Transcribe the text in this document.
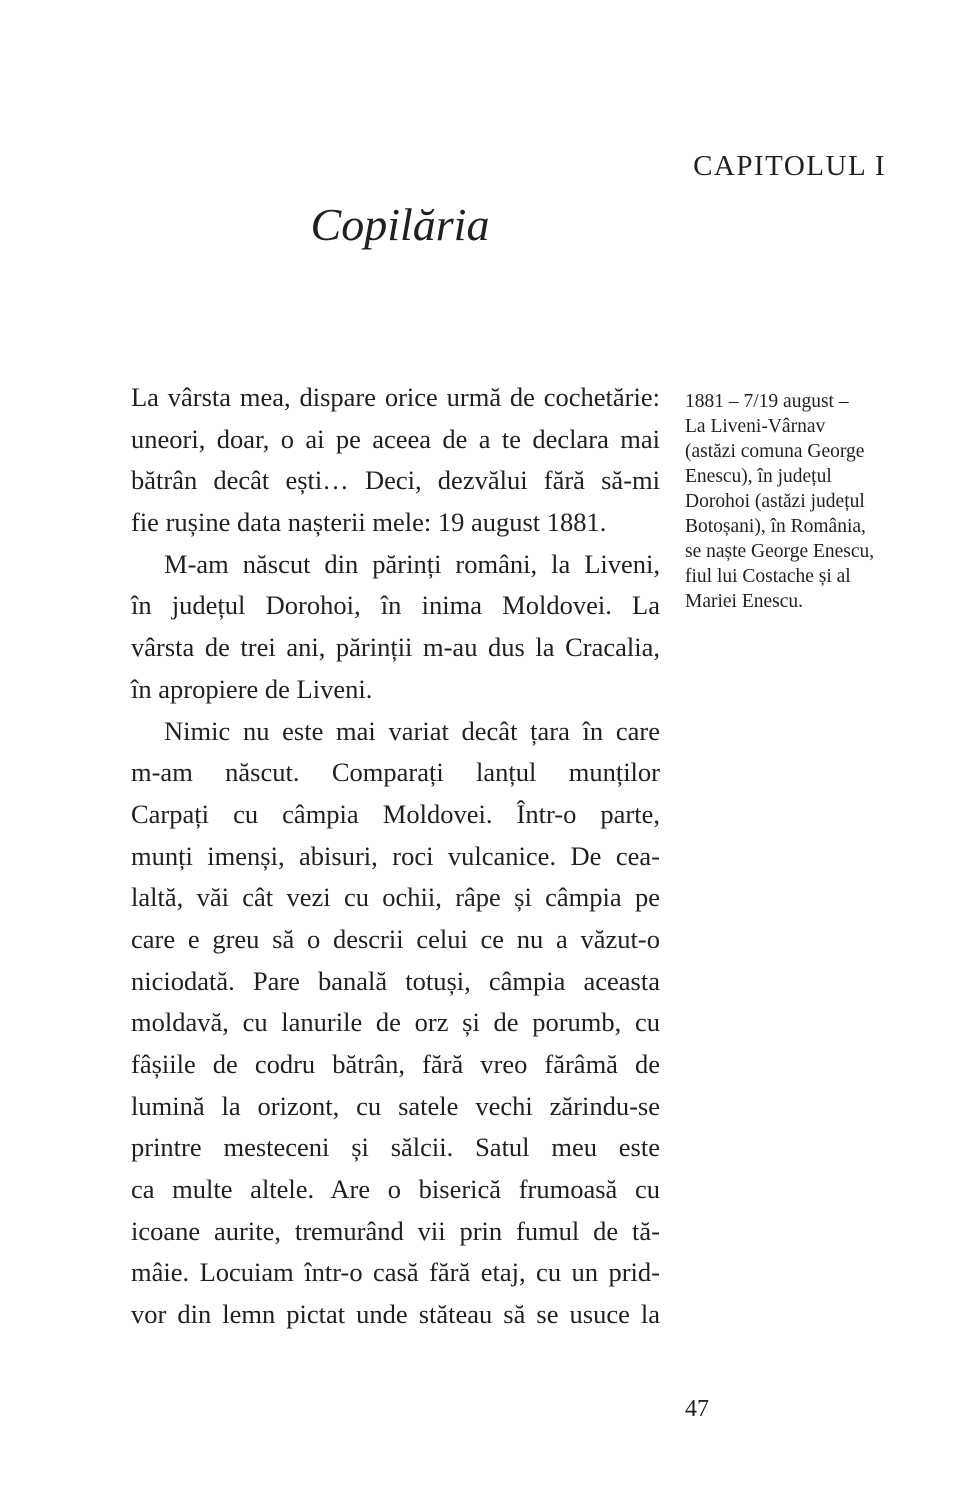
CAPITOLUL I
Copilăria
La vârsta mea, dispare orice urmă de cochetărie:
uneori, doar, o ai pe aceea de a te declara mai
bătrân decât ești… Deci, dezvălui fără să-mi
fie rușine data nașterii mele: 19 august 1881.
M-am născut din părinți români, la Liveni,
în județul Dorohoi, în inima Moldovei. La
vârsta de trei ani, părinții m-au dus la Cracalia,
în apropiere de Liveni.
Nimic nu este mai variat decât țara în care
m-am născut. Comparați lanțul munților
Carpați cu câmpia Moldovei. Într-o parte,
munți imenși, abisuri, roci vulcanice. De cea-
laltă, văi cât vezi cu ochii, râpe și câmpia pe
care e greu să o descrii celui ce nu a văzut-o
niciodată. Pare banală totuși, câmpia aceasta
moldavă, cu lanurile de orz și de porumb, cu
fâșiile de codru bătrân, fără vreo fărâmă de
lumină la orizont, cu satele vechi zărindu-se
printre mesteceni și sălcii. Satul meu este
ca multe altele. Are o biserică frumoasă cu
icoane aurite, tremurând vii prin fumul de tă-
mâie. Locuiam într-o casă fără etaj, cu un prid-
vor din lemn pictat unde stăteau să se usuce la
1881 – 7/19 august –
La Liveni-Vârnav
(astăzi comuna George
Enescu), în județul
Dorohoi (astăzi județul
Botoșani), în România,
se naște George Enescu,
fiul lui Costache și al
Mariei Enescu.
47
